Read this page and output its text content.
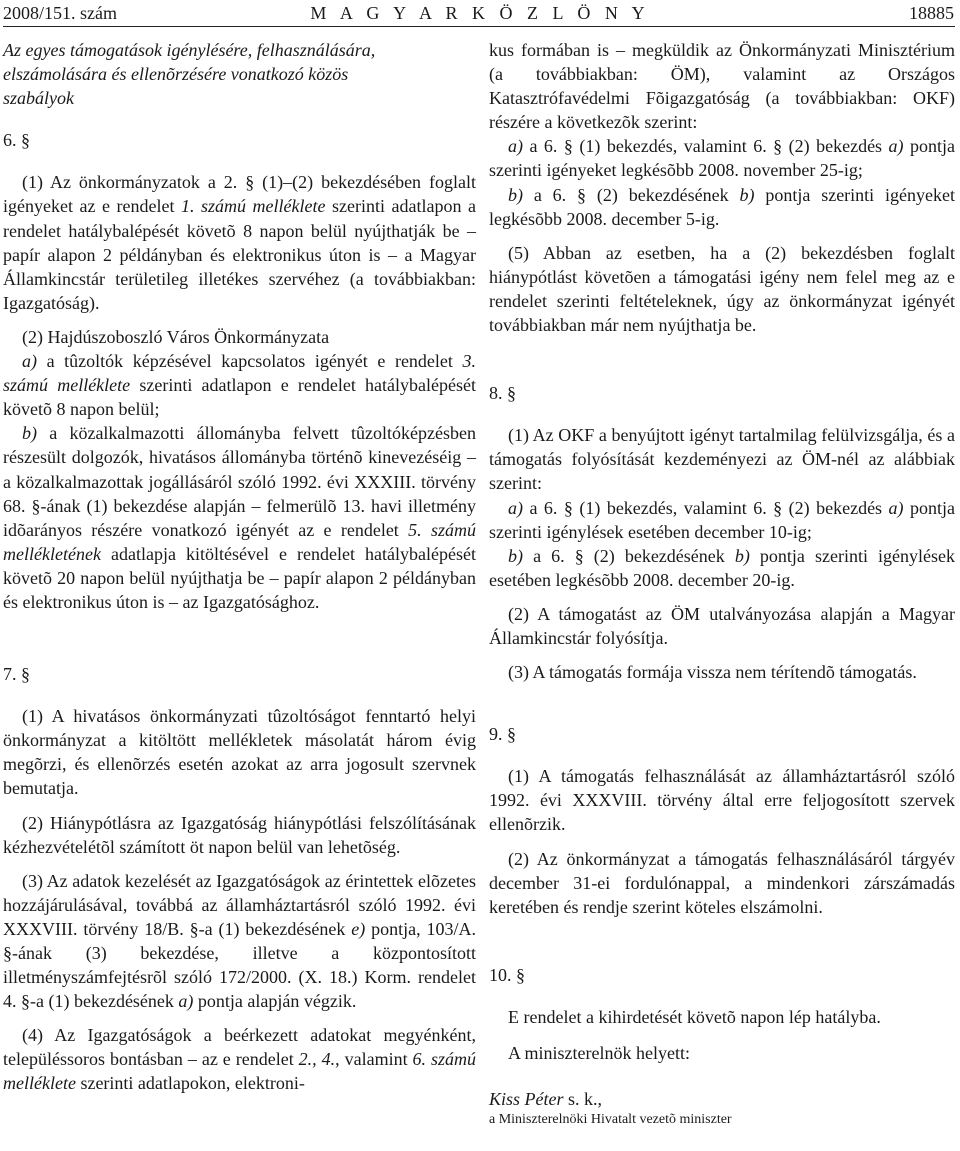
2008/151. szám	M A G Y A R K Ö Z L Ö N Y	18885

Az egyes támogatások igénylésére, felhasználására,

elszámolására és ellenõrzésére vonatkozó közös

szabályok

6. §

(1) Az önkormányzatok a 2. § (1)–(2) bekezdésében foglalt igényeket az e rendelet 1. számú melléklete szerinti adatlapon a rendelet hatálybalépését követõ 8 napon belül nyújthatják be – papír alapon 2 példányban és elektronikus úton is – a Magyar Államkincstár területileg illetékes szervéhez (a továbbiakban: Igazgatóság).

(2) Hajdúszoboszló Város Önkormányzata

a) a tûzoltók képzésével kapcsolatos igényét e rendelet 3. számú melléklete szerinti adatlapon e rendelet hatálybalépését követõ 8 napon belül;

b) a közalkalmazotti állományba felvett tûzoltóképzésben részesült dolgozók, hivatásos állományba történõ kinevezéséig – a közalkalmazottak jogállásáról szóló 1992. évi XXXIII. törvény 68. §-ának (1) bekezdése alapján – felmerülõ 13. havi illetmény idõarányos részére vonatkozó igényét az e rendelet 5. számú mellékletének adatlapja kitöltésével e rendelet hatálybalépését követõ 20 napon belül nyújthatja be – papír alapon 2 példányban és elektronikus úton is – az Igazgatósághoz.

7. §

(1) A hivatásos önkormányzati tûzoltóságot fenntartó helyi önkormányzat a kitöltött mellékletek másolatát három évig megõrzi, és ellenõrzés esetén azokat az arra jogosult szervnek bemutatja.

(2) Hiánypótlásra az Igazgatóság hiánypótlási felszólításának kézhezvételétõl számított öt napon belül van lehetõség.

(3) Az adatok kezelését az Igazgatóságok az érintettek elõzetes hozzájárulásával, továbbá az államháztartásról szóló 1992. évi XXXVIII. törvény 18/B. §-a (1) bekezdésének e) pontja, 103/A. §-ának (3) bekezdése, illetve a központosított illetményszámfejtésrõl szóló 172/2000. (X. 18.) Korm. rendelet 4. §-a (1) bekezdésének a) pontja alapján végzik.

(4) Az Igazgatóságok a beérkezett adatokat megyénként, településsoros bontásban – az e rendelet 2., 4., valamint 6. számú melléklete szerinti adatlapokon, elektroni-

kus formában is – megküldik az Önkormányzati Minisztérium (a továbbiakban: ÖM), valamint az Országos Katasztrófavédelmi Fõigazgatóság (a továbbiakban: OKF) részére a következõk szerint:

a) a 6. § (1) bekezdés, valamint 6. § (2) bekezdés a) pontja szerinti igényeket legkésõbb 2008. november 25-ig;

b) a 6. § (2) bekezdésének b) pontja szerinti igényeket legkésõbb 2008. december 5-ig.

(5) Abban az esetben, ha a (2) bekezdésben foglalt hiánypótlást követõen a támogatási igény nem felel meg az e rendelet szerinti feltételeknek, úgy az önkormányzat igényét továbbiakban már nem nyújthatja be.

8. §

(1) Az OKF a benyújtott igényt tartalmilag felülvizsgálja, és a támogatás folyósítását kezdeményezi az ÖM-nél az alábbiak szerint:

a) a 6. § (1) bekezdés, valamint 6. § (2) bekezdés a) pontja szerinti igénylések esetében december 10-ig;

b) a 6. § (2) bekezdésének b) pontja szerinti igénylések esetében legkésõbb 2008. december 20-ig.

(2) A támogatást az ÖM utalványozása alapján a Magyar Államkincstár folyósítja.

(3) A támogatás formája vissza nem térítendõ támogatás.

9. §

(1) A támogatás felhasználását az államháztartásról szóló 1992. évi XXXVIII. törvény által erre feljogosított szervek ellenõrzik.

(2) Az önkormányzat a támogatás felhasználásáról tárgyév december 31-ei fordulónappal, a mindenkori zárszámadás keretében és rendje szerint köteles elszámolni.

10. §

E rendelet a kihirdetését követõ napon lép hatályba.

A miniszterelnök helyett:

Kiss Péter s. k.,

a Miniszterelnöki Hivatalt vezetõ miniszter
